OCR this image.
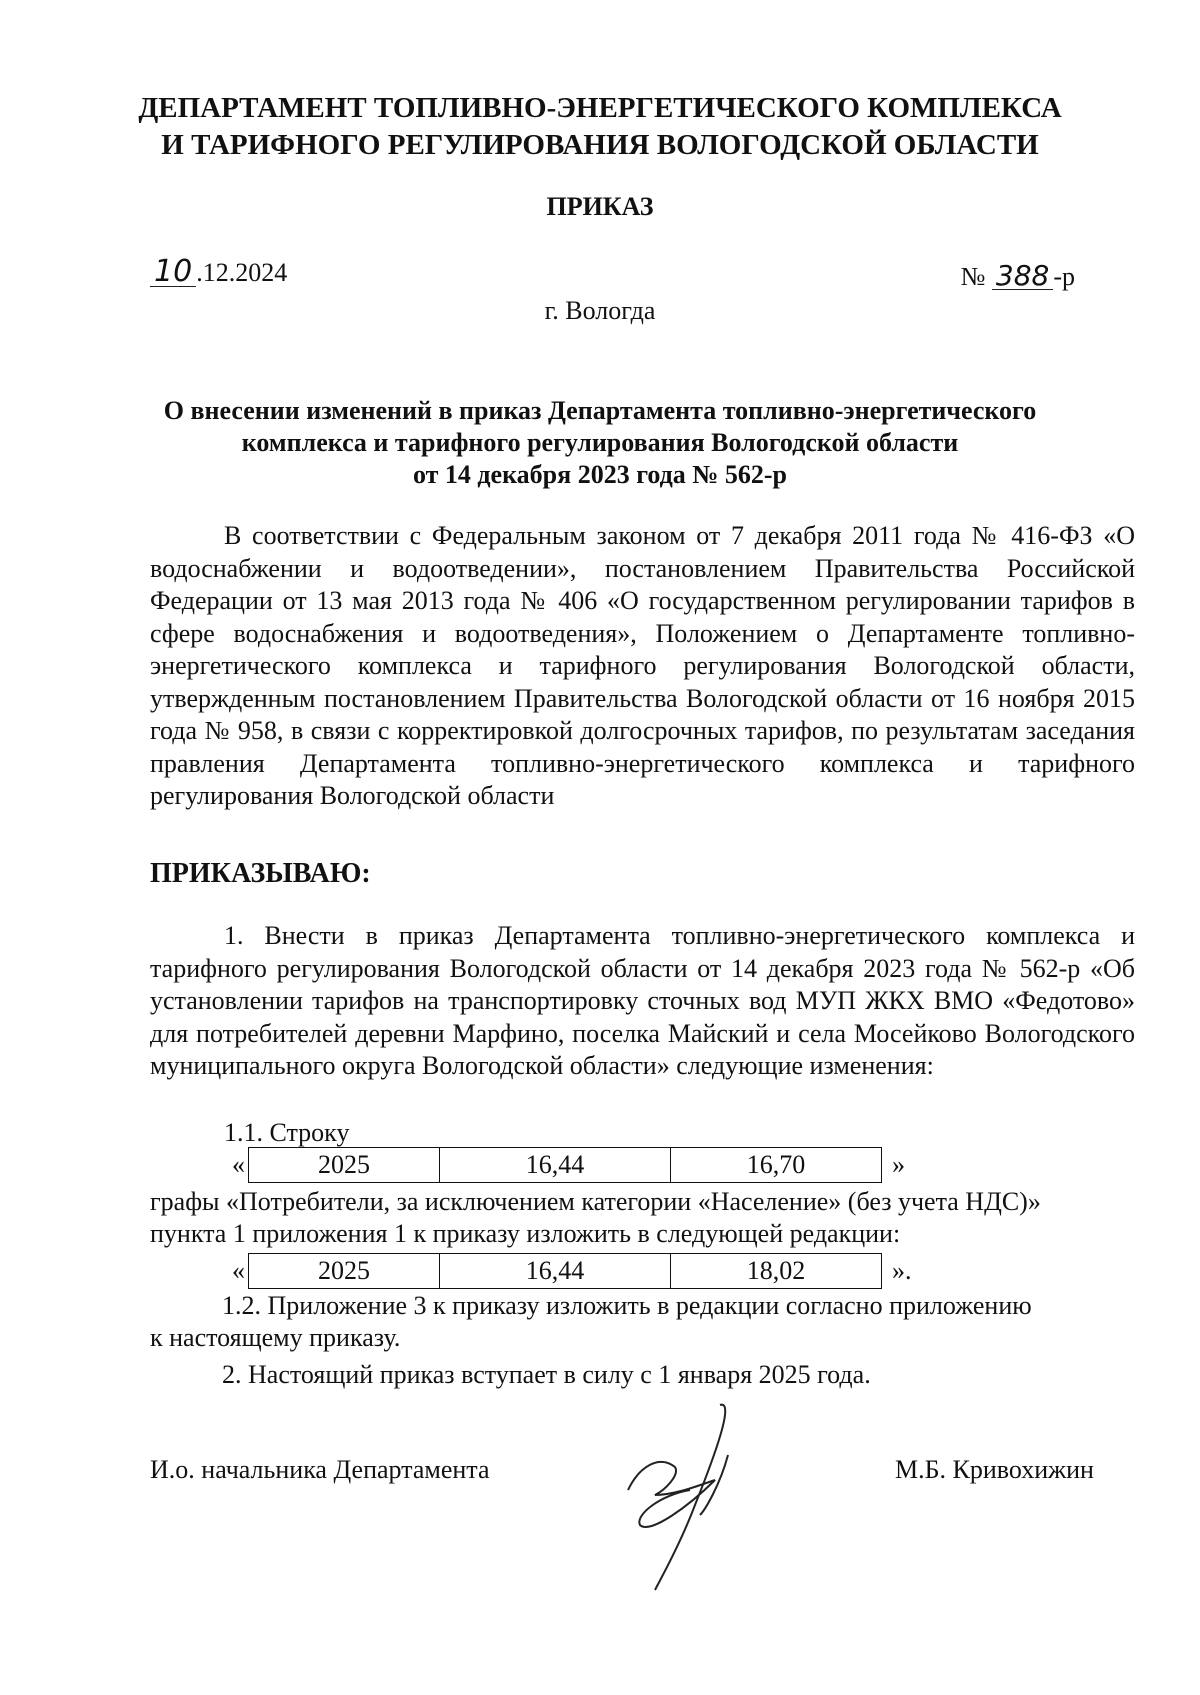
ДЕПАРТАМЕНТ ТОПЛИВНО-ЭНЕРГЕТИЧЕСКОГО КОМПЛЕКСА
И ТАРИФНОГО РЕГУЛИРОВАНИЯ ВОЛОГОДСКОЙ ОБЛАСТИ
ПРИКАЗ
10 .12.2024	№ 388 -р
г. Вологда
О внесении изменений в приказ Департамента топливно-энергетического
комплекса и тарифного регулирования Вологодской области
от 14 декабря 2023 года № 562-р
В соответствии с Федеральным законом от 7 декабря 2011 года № 416-ФЗ «О водоснабжении и водоотведении», постановлением Правительства Российской Федерации от 13 мая 2013 года № 406 «О государственном регулировании тарифов в сфере водоснабжения и водоотведения», Положением о Департаменте топливно-энергетического комплекса и тарифного регулирования Вологодской области, утвержденным постановлением Правительства Вологодской области от 16 ноября 2015 года № 958, в связи с корректировкой долгосрочных тарифов, по результатам заседания правления Департамента топливно-энергетического комплекса и тарифного регулирования Вологодской области
ПРИКАЗЫВАЮ:
1. Внести в приказ Департамента топливно-энергетического комплекса и тарифного регулирования Вологодской области от 14 декабря 2023 года № 562-р «Об установлении тарифов на транспортировку сточных вод МУП ЖКХ ВМО «Федотово» для потребителей деревни Марфино, поселка Майский и села Мосейково Вологодского муниципального округа Вологодской области» следующие изменения:
1.1. Строку
«	2025	16,44	16,70	»
графы «Потребители, за исключением категории «Население» (без учета НДС)»
пункта 1 приложения 1 к приказу изложить в следующей редакции:
«	2025	16,44	18,02	».
1.2. Приложение 3 к приказу изложить в редакции согласно приложению
к настоящему приказу.
2. Настоящий приказ вступает в силу с 1 января 2025 года.
И.о. начальника Департамента	М.Б. Кривохижин
